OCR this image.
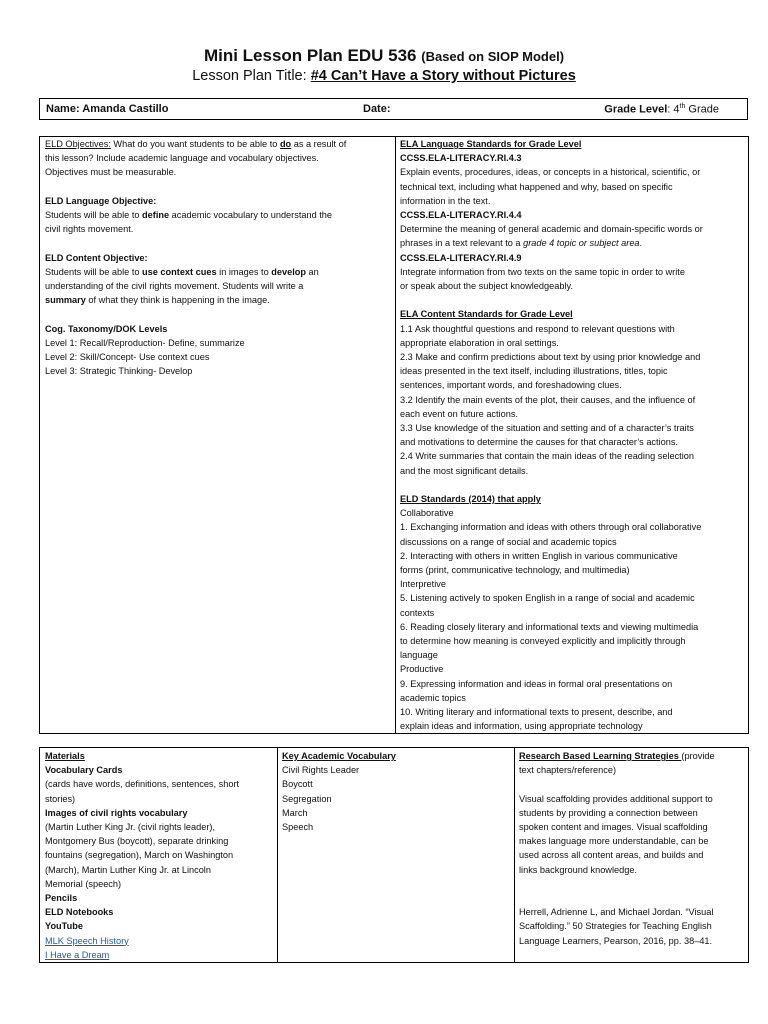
Mini Lesson Plan EDU 536 (Based on SIOP Model)
Lesson Plan Title: #4 Can’t Have a Story without Pictures
Name: Amanda Castillo	Date:	Grade Level: 4th Grade

ELD Objectives: What do you want students to be able to do as a result of

this lesson? Include academic language and vocabulary objectives.

Objectives must be measurable.

ELD Language Objective:

Students will be able to define academic vocabulary to understand the

civil rights movement.

ELD Content Objective:

Students will be able to use context cues in images to develop an

understanding of the civil rights movement. Students will write a

summary of what they think is happening in the image.

Cog. Taxonomy/DOK Levels

Level 1: Recall/Reproduction- Define, summarize

Level 2: Skill/Concept- Use context cues

Level 3: Strategic Thinking- Develop

ELA Language Standards for Grade Level

CCSS.ELA-LITERACY.RI.4.3

Explain events, procedures, ideas, or concepts in a historical, scientific, or

technical text, including what happened and why, based on specific

information in the text.

CCSS.ELA-LITERACY.RI.4.4

Determine the meaning of general academic and domain-specific words or

phrases in a text relevant to a grade 4 topic or subject area.

CCSS.ELA-LITERACY.RI.4.9

Integrate information from two texts on the same topic in order to write

or speak about the subject knowledgeably.

ELA Content Standards for Grade Level

1.1 Ask thoughtful questions and respond to relevant questions with

appropriate elaboration in oral settings.

2.3 Make and confirm predictions about text by using prior knowledge and

ideas presented in the text itself, including illustrations, titles, topic

sentences, important words, and foreshadowing clues.

3.2 Identify the main events of the plot, their causes, and the influence of

each event on future actions.

3.3 Use knowledge of the situation and setting and of a character’s traits

and motivations to determine the causes for that character’s actions.

2.4 Write summaries that contain the main ideas of the reading selection

and the most significant details.

ELD Standards (2014) that apply

Collaborative

1. Exchanging information and ideas with others through oral collaborative

discussions on a range of social and academic topics

2. Interacting with others in written English in various communicative

forms (print, communicative technology, and multimedia)

Interpretive

5. Listening actively to spoken English in a range of social and academic

contexts

6. Reading closely literary and informational texts and viewing multimedia

to determine how meaning is conveyed explicitly and implicitly through

language

Productive

9. Expressing information and ideas in formal oral presentations on

academic topics

10. Writing literary and informational texts to present, describe, and

explain ideas and information, using appropriate technology

Materials

Vocabulary Cards

(cards have words, definitions, sentences, short

stories)

Images of civil rights vocabulary

(Martin Luther King Jr. (civil rights leader),

Montgomery Bus (boycott), separate drinking

fountains (segregation), March on Washington

(March), Martin Luther King Jr. at Lincoln

Memorial (speech)

Pencils

ELD Notebooks

YouTube

MLK Speech History

I Have a Dream

Key Academic Vocabulary

Civil Rights Leader

Boycott

Segregation

March

Speech

Research Based Learning Strategies (provide

text chapters/reference)

Visual scaffolding provides additional support to

students by providing a connection between

spoken content and images. Visual scaffolding

makes language more understandable, can be

used across all content areas, and builds and

links background knowledge.

Herrell, Adrienne L, and Michael Jordan. “Visual

Scaffolding.” 50 Strategies for Teaching English

Language Learners, Pearson, 2016, pp. 38–41.
